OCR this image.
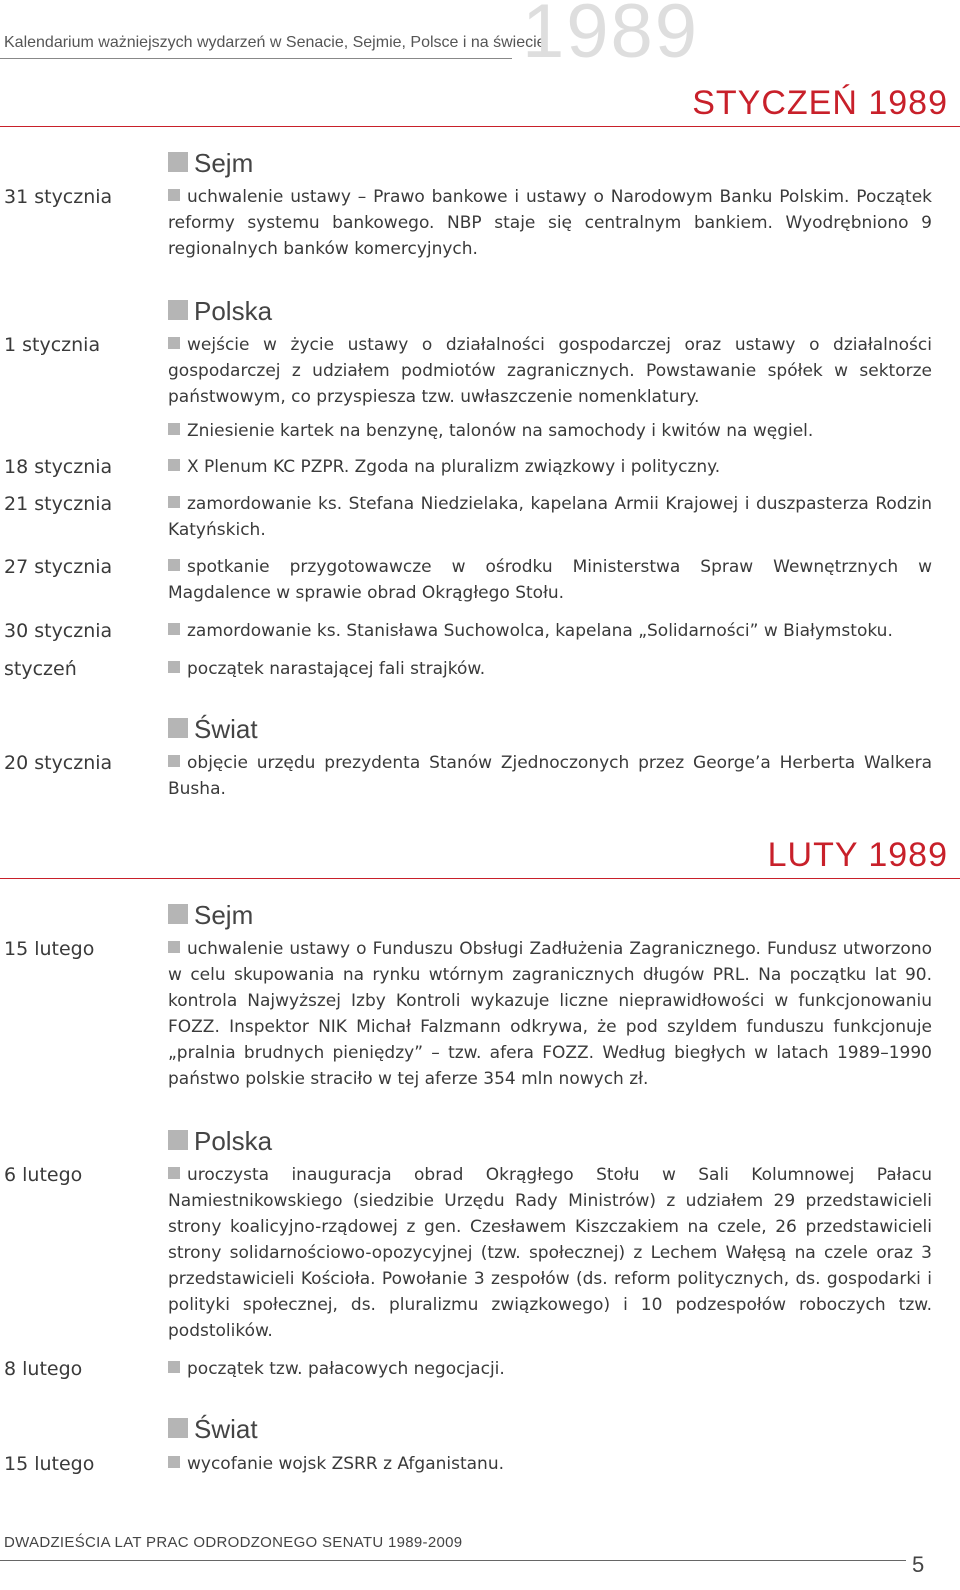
Kalendarium ważniejszych wydarzeń w Senacie, Sejmie, Polsce i na świecie
1989
STYCZEŃ 1989
Sejm
31 stycznia	uchwalenie ustawy – Prawo bankowe i ustawy o Narodowym Banku Polskim. Początek reformy systemu bankowego. NBP staje się centralnym bankiem. Wyodrębniono 9 regionalnych banków komercyjnych.
Polska
1 stycznia	wejście w życie ustawy o działalności gospodarczej oraz ustawy o działalności gospodarczej z udziałem podmiotów zagranicznych. Powstawanie spółek w sektorze państwowym, co przyspiesza tzw. uwłaszczenie nomenklatury.
Zniesienie kartek na benzynę, talonów na samochody i kwitów na węgiel.
18 stycznia	X Plenum KC PZPR. Zgoda na pluralizm związkowy i polityczny.
21 stycznia	zamordowanie ks. Stefana Niedzielaka, kapelana Armii Krajowej i duszpasterza Rodzin Katyńskich.
27 stycznia	spotkanie przygotowawcze w ośrodku Ministerstwa Spraw Wewnętrznych w Magdalence w sprawie obrad Okrągłego Stołu.
30 stycznia	zamordowanie ks. Stanisława Suchowolca, kapelana „Solidarności” w Białymstoku.
styczeń	początek narastającej fali strajków.
Świat
20 stycznia	objęcie urzędu prezydenta Stanów Zjednoczonych przez George’a Herberta Walkera Busha.
LUTY 1989
Sejm
15 lutego	uchwalenie ustawy o Funduszu Obsługi Zadłużenia Zagranicznego. Fundusz utworzono w celu skupowania na rynku wtórnym zagranicznych długów PRL. Na początku lat 90. kontrola Najwyższej Izby Kontroli wykazuje liczne nieprawidłowości w funkcjonowaniu FOZZ. Inspektor NIK Michał Falzmann odkrywa, że pod szyldem funduszu funkcjonuje „pralnia brudnych pieniędzy” – tzw. afera FOZZ. Według biegłych w latach 1989–1990 państwo polskie straciło w tej aferze 354 mln nowych zł.
Polska
6 lutego	uroczysta inauguracja obrad Okrągłego Stołu w Sali Kolumnowej Pałacu Namiestnikowskiego (siedzibie Urzędu Rady Ministrów) z udziałem 29 przedstawicieli strony koalicyjno-rządowej z gen. Czesławem Kiszczakiem na czele, 26 przedstawicieli strony solidarnościowo-opozycyjnej (tzw. społecznej) z Lechem Wałęsą na czele oraz 3 przedstawicieli Kościoła. Powołanie 3 zespołów (ds. reform politycznych, ds. gospodarki i polityki społecznej, ds. pluralizmu związkowego) i 10 podzespołów roboczych tzw. podstolików.
8 lutego	początek tzw. pałacowych negocjacji.
Świat
15 lutego	wycofanie wojsk ZSRR z Afganistanu.
DWADZIEŚCIA LAT PRAC ODRODZONEGO SENATU 1989-2009
5
